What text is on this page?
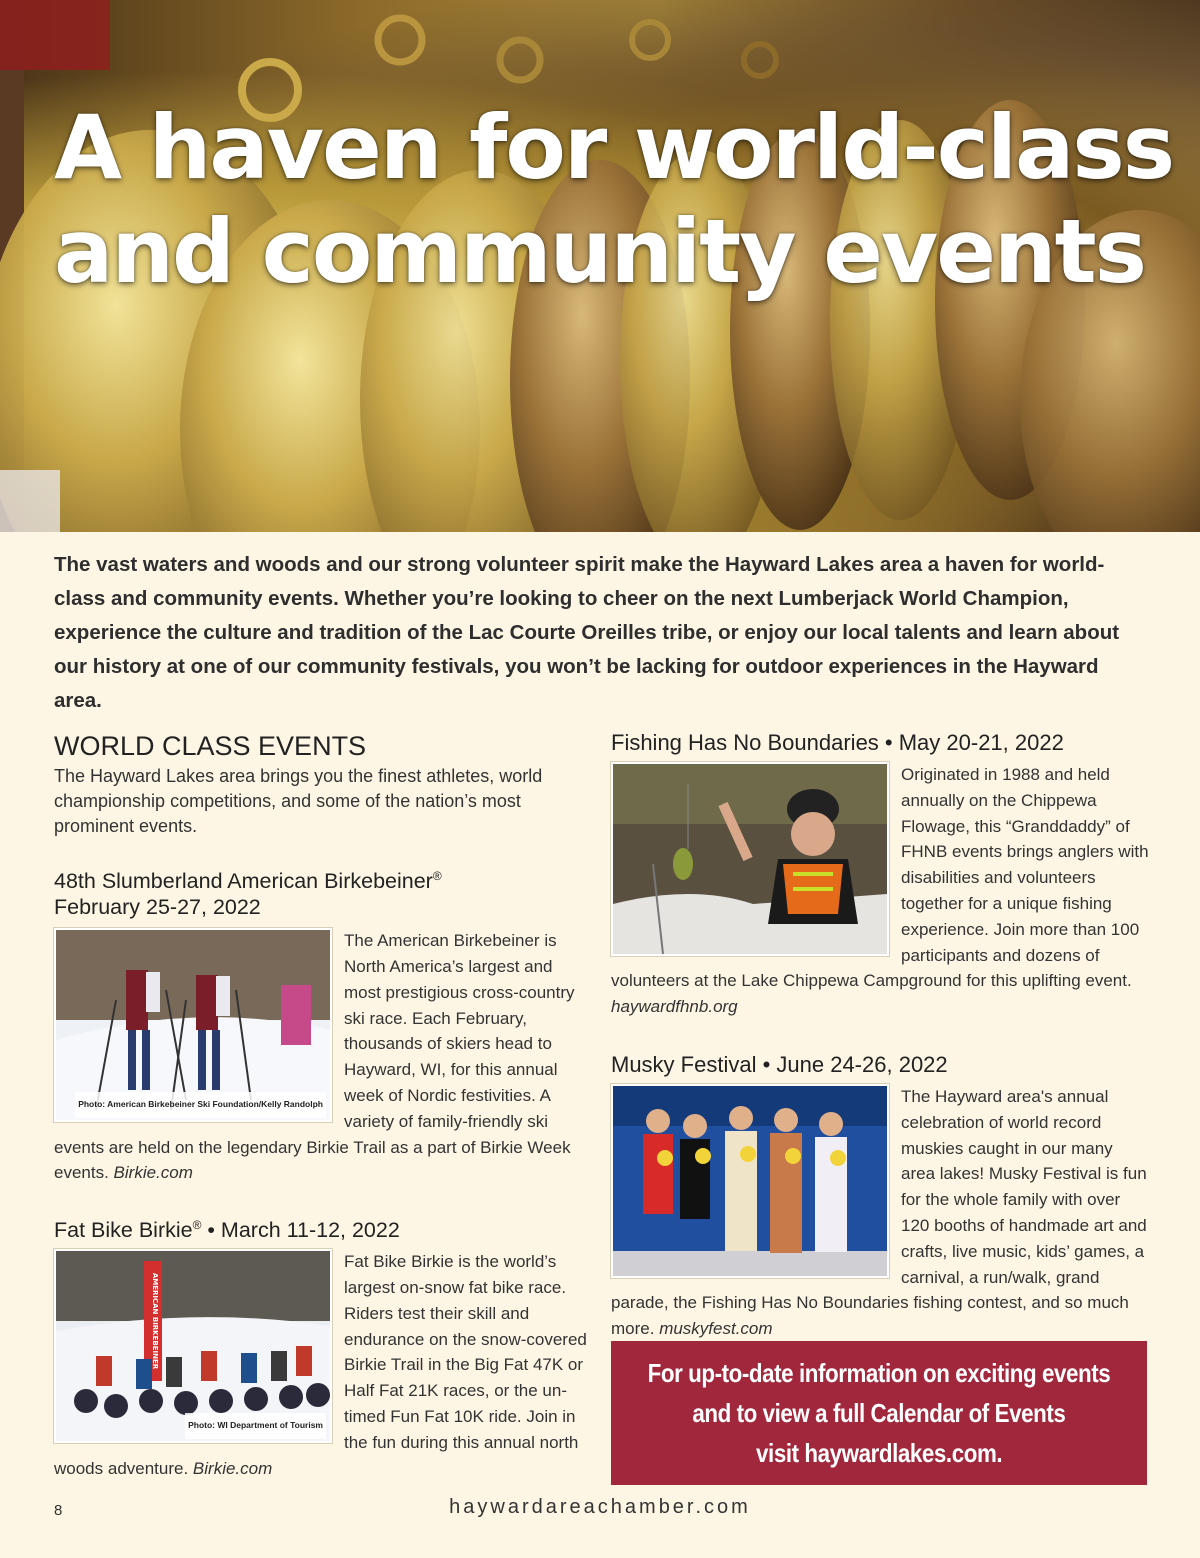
A haven for world-class
and community events

The vast waters and woods and our strong volunteer spirit make the Hayward Lakes area a haven for world-class and community events. Whether you’re looking to cheer on the next Lumberjack World Champion, experience the culture and tradition of the Lac Courte Oreilles tribe, or enjoy our local talents and learn about our history at one of our community festivals, you won’t be lacking for outdoor experiences in the Hayward area.

WORLD CLASS EVENTS

The Hayward Lakes area brings you the finest athletes, world championship competitions, and some of the nation’s most prominent events.

48th Slumberland American Birkebeiner®
February 25-27, 2022
Photo: American Birkebeiner Ski Foundation/Kelly Randolph
The American Birkebeiner is North America’s largest and most prestigious cross-country ski race. Each February, thousands of skiers head to Hayward, WI, for this annual week of Nordic festivities. A variety of family-friendly ski events are held on the legendary Birkie Trail as a part of Birkie Week events. Birkie.com
Fat Bike Birkie® • March 11-12, 2022
AMERICAN BIRKEBEINER
Photo: WI Department of Tourism
Fat Bike Birkie is the world’s largest on-snow fat bike race. Riders test their skill and endurance on the snow-covered Birkie Trail in the Big Fat 47K or Half Fat 21K races, or the un-timed Fun Fat 10K ride. Join in the fun during this annual north woods adventure. Birkie.com
Fishing Has No Boundaries • May 20-21, 2022
Originated in 1988 and held annually on the Chippewa Flowage, this “Granddaddy” of FHNB events brings anglers with disabilities and volunteers together for a unique fishing experience. Join more than 100 participants and dozens of volunteers at the Lake Chippewa Campground for this uplifting event. haywardfhnb.org
Musky Festival • June 24-26, 2022
The Hayward area's annual celebration of world record muskies caught in our many area lakes! Musky Festival is fun for the whole family with over 120 booths of handmade art and crafts, live music, kids’ games, a carnival, a run/walk, grand parade, the Fishing Has No Boundaries fishing contest, and so much more. muskyfest.com
For up-to-date information on exciting events
and to view a full Calendar of Events
visit haywardlakes.com.
8	haywardareachamber.com
